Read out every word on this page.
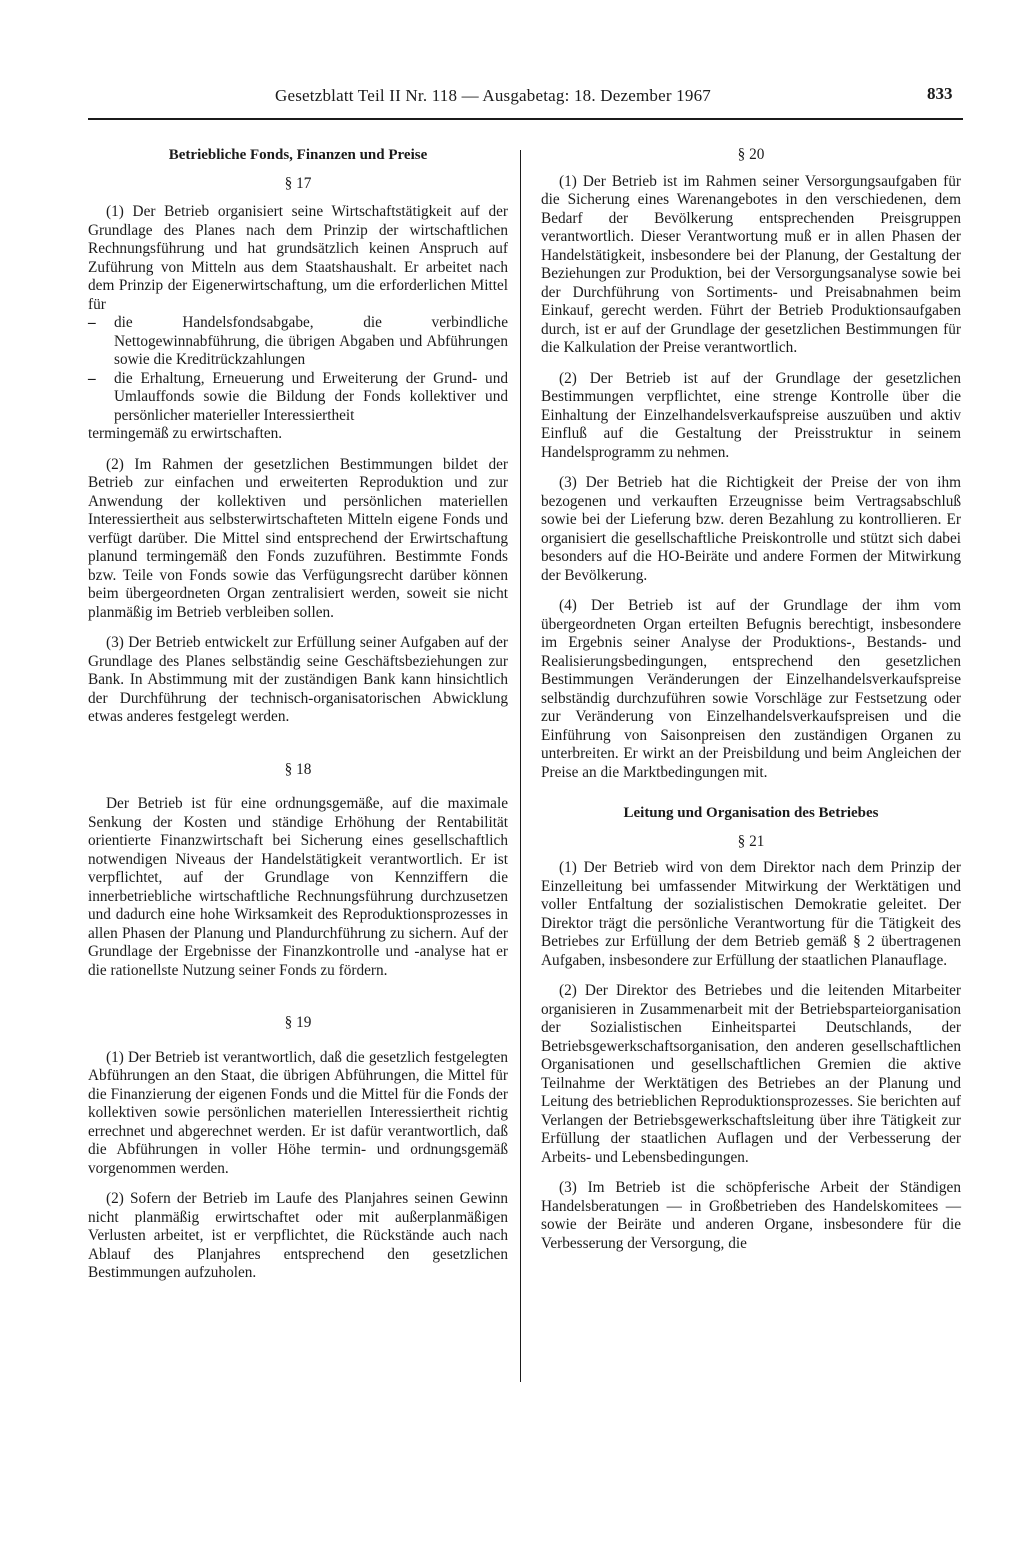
Gesetzblatt Teil II Nr. 118 — Ausgabetag: 18. Dezember 1967	833
Betriebliche Fonds, Finanzen und Preise
§ 17

(1) Der Betrieb organisiert seine Wirtschaftstätigkeit auf der Grundlage des Planes nach dem Prinzip der wirtschaftlichen Rechnungsführung und hat grundsätzlich keinen Anspruch auf Zuführung von Mitteln aus dem Staatshaushalt. Er arbeitet nach dem Prinzip der Eigenerwirtschaftung, um die erforderlichen Mittel für

–	die Handelsfondsabgabe, die verbindliche Nettogewinnabführung, die übrigen Abgaben und Abführungen sowie die Kreditrückzahlungen
–	die Erhaltung, Erneuerung und Erweiterung der Grund- und Umlauffonds sowie die Bildung der Fonds kollektiver und persönlicher materieller Interessiertheit

termingemäß zu erwirtschaften.

(2) Im Rahmen der gesetzlichen Bestimmungen bildet der Betrieb zur einfachen und erweiterten Reproduktion und zur Anwendung der kollektiven und persönlichen materiellen Interessiertheit aus selbsterwirtschafteten Mitteln eigene Fonds und verfügt darüber. Die Mittel sind entsprechend der Erwirtschaftung planund termingemäß den Fonds zuzuführen. Bestimmte Fonds bzw. Teile von Fonds sowie das Verfügungsrecht darüber können beim übergeordneten Organ zentralisiert werden, soweit sie nicht planmäßig im Betrieb verbleiben sollen.

(3) Der Betrieb entwickelt zur Erfüllung seiner Aufgaben auf der Grundlage des Planes selbständig seine Geschäftsbeziehungen zur Bank. In Abstimmung mit der zuständigen Bank kann hinsichtlich der Durchführung der technisch-organisatorischen Abwicklung etwas anderes festgelegt werden.

§ 18

Der Betrieb ist für eine ordnungsgemäße, auf die maximale Senkung der Kosten und ständige Erhöhung der Rentabilität orientierte Finanzwirtschaft bei Sicherung eines gesellschaftlich notwendigen Niveaus der Handelstätigkeit verantwortlich. Er ist verpflichtet, auf der Grundlage von Kennziffern die innerbetriebliche wirtschaftliche Rechnungsführung durchzusetzen und dadurch eine hohe Wirksamkeit des Reproduktionsprozesses in allen Phasen der Planung und Plandurchführung zu sichern. Auf der Grundlage der Ergebnisse der Finanzkontrolle und -analyse hat er die rationellste Nutzung seiner Fonds zu fördern.

§ 19

(1) Der Betrieb ist verantwortlich, daß die gesetzlich festgelegten Abführungen an den Staat, die übrigen Abführungen, die Mittel für die Finanzierung der eigenen Fonds und die Mittel für die Fonds der kollektiven sowie persönlichen materiellen Interessiertheit richtig errechnet und abgerechnet werden. Er ist dafür verantwortlich, daß die Abführungen in voller Höhe termin- und ordnungsgemäß vorgenommen werden.

(2) Sofern der Betrieb im Laufe des Planjahres seinen Gewinn nicht planmäßig erwirtschaftet oder mit außerplanmäßigen Verlusten arbeitet, ist er verpflichtet, die Rückstände auch nach Ablauf des Planjahres entsprechend den gesetzlichen Bestimmungen aufzuholen.

§ 20

(1) Der Betrieb ist im Rahmen seiner Versorgungsaufgaben für die Sicherung eines Warenangebotes in den verschiedenen, dem Bedarf der Bevölkerung entsprechenden Preisgruppen verantwortlich. Dieser Verantwortung muß er in allen Phasen der Handelstätigkeit, insbesondere bei der Planung, der Gestaltung der Beziehungen zur Produktion, bei der Versorgungsanalyse sowie bei der Durchführung von Sortiments- und Preisabnahmen beim Einkauf, gerecht werden. Führt der Betrieb Produktionsaufgaben durch, ist er auf der Grundlage der gesetzlichen Bestimmungen für die Kalkulation der Preise verantwortlich.

(2) Der Betrieb ist auf der Grundlage der gesetzlichen Bestimmungen verpflichtet, eine strenge Kontrolle über die Einhaltung der Einzelhandelsverkaufspreise auszuüben und aktiv Einfluß auf die Gestaltung der Preisstruktur in seinem Handelsprogramm zu nehmen.

(3) Der Betrieb hat die Richtigkeit der Preise der von ihm bezogenen und verkauften Erzeugnisse beim Vertragsabschluß sowie bei der Lieferung bzw. deren Bezahlung zu kontrollieren. Er organisiert die gesellschaftliche Preiskontrolle und stützt sich dabei besonders auf die HO-Beiräte und andere Formen der Mitwirkung der Bevölkerung.

(4) Der Betrieb ist auf der Grundlage der ihm vom übergeordneten Organ erteilten Befugnis berechtigt, insbesondere im Ergebnis seiner Analyse der Produktions-, Bestands- und Realisierungsbedingungen, entsprechend den gesetzlichen Bestimmungen Veränderungen der Einzelhandelsverkaufspreise selbständig durchzuführen sowie Vorschläge zur Festsetzung oder zur Veränderung von Einzelhandelsverkaufspreisen und die Einführung von Saisonpreisen den zuständigen Organen zu unterbreiten. Er wirkt an der Preisbildung und beim Angleichen der Preise an die Marktbedingungen mit.

Leitung und Organisation des Betriebes
§ 21

(1) Der Betrieb wird von dem Direktor nach dem Prinzip der Einzelleitung bei umfassender Mitwirkung der Werktätigen und voller Entfaltung der sozialistischen Demokratie geleitet. Der Direktor trägt die persönliche Verantwortung für die Tätigkeit des Betriebes zur Erfüllung der dem Betrieb gemäß § 2 übertragenen Aufgaben, insbesondere zur Erfüllung der staatlichen Planauflage.

(2) Der Direktor des Betriebes und die leitenden Mitarbeiter organisieren in Zusammenarbeit mit der Betriebsparteiorganisation der Sozialistischen Einheitspartei Deutschlands, der Betriebsgewerkschaftsorganisation, den anderen gesellschaftlichen Organisationen und gesellschaftlichen Gremien die aktive Teilnahme der Werktätigen des Betriebes an der Planung und Leitung des betrieblichen Reproduktionsprozesses. Sie berichten auf Verlangen der Betriebsgewerkschaftsleitung über ihre Tätigkeit zur Erfüllung der staatlichen Auflagen und der Verbesserung der Arbeits- und Lebensbedingungen.

(3) Im Betrieb ist die schöpferische Arbeit der Ständigen Handelsberatungen — in Großbetrieben des Handelskomitees — sowie der Beiräte und anderen Organe, insbesondere für die Verbesserung der Versorgung, die
